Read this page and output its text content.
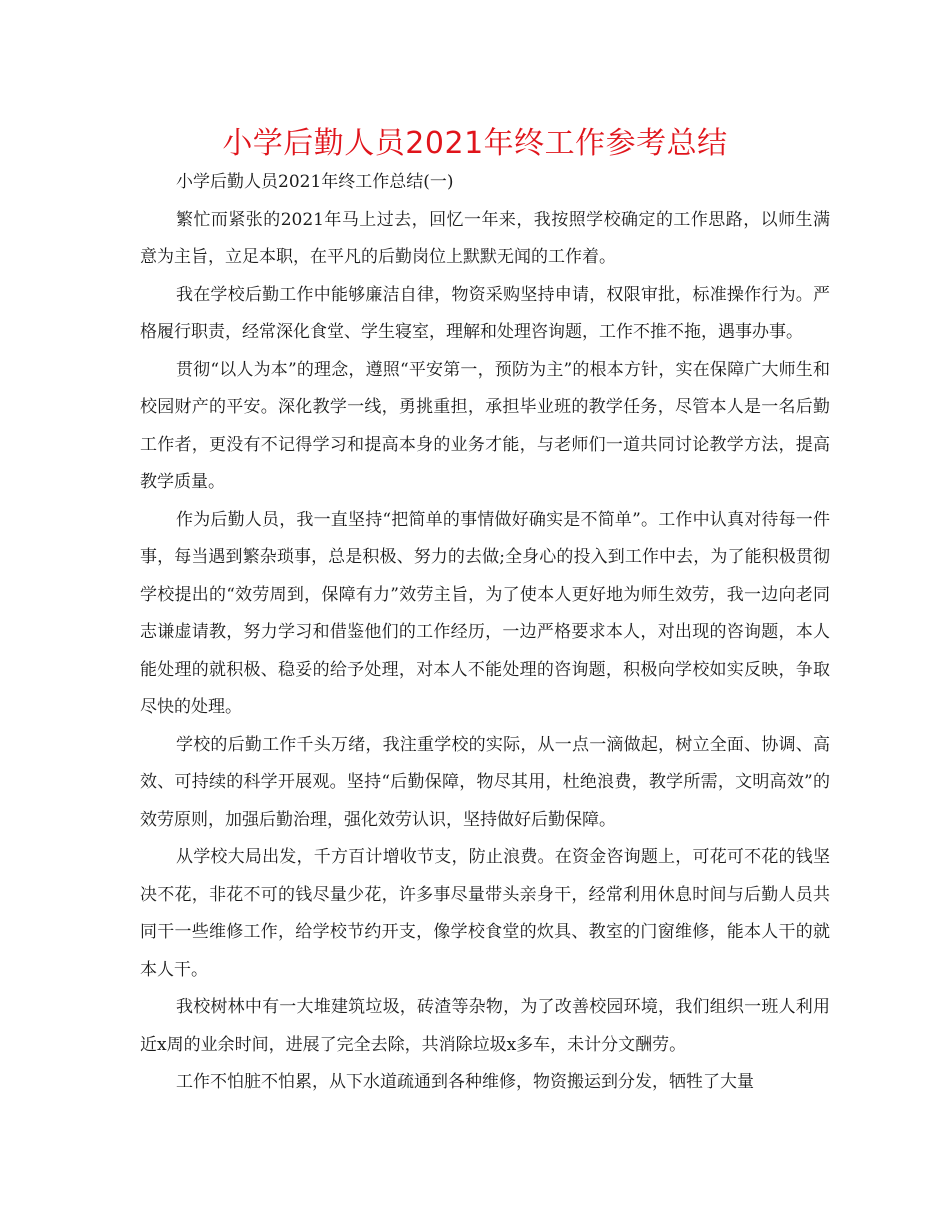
小学后勤人员2021年终工作参考总结

小学后勤人员2021年终工作总结(一)

繁忙而紧张的2021年马上过去，回忆一年来，我按照学校确定的工作思路，以师生满意为主旨，立足本职，在平凡的后勤岗位上默默无闻的工作着。

我在学校后勤工作中能够廉洁自律，物资采购坚持申请，权限审批，标准操作行为。严格履行职责，经常深化食堂、学生寝室，理解和处理咨询题，工作不推不拖，遇事办事。

贯彻“以人为本”的理念，遵照“平安第一，预防为主”的根本方针，实在保障广大师生和校园财产的平安。深化教学一线，勇挑重担，承担毕业班的教学任务，尽管本人是一名后勤工作者，更没有不记得学习和提高本身的业务才能，与老师们一道共同讨论教学方法，提高教学质量。

作为后勤人员，我一直坚持“把简单的事情做好确实是不简单”。工作中认真对待每一件事，每当遇到繁杂琐事，总是积极、努力的去做;全身心的投入到工作中去，为了能积极贯彻学校提出的“效劳周到，保障有力”效劳主旨，为了使本人更好地为师生效劳，我一边向老同志谦虚请教，努力学习和借鉴他们的工作经历，一边严格要求本人，对出现的咨询题，本人能处理的就积极、稳妥的给予处理，对本人不能处理的咨询题，积极向学校如实反映，争取尽快的处理。

学校的后勤工作千头万绪，我注重学校的实际，从一点一滴做起，树立全面、协调、高效、可持续的科学开展观。坚持“后勤保障，物尽其用，杜绝浪费，教学所需，文明高效”的效劳原则，加强后勤治理，强化效劳认识，坚持做好后勤保障。

从学校大局出发，千方百计增收节支，防止浪费。在资金咨询题上，可花可不花的钱坚决不花，非花不可的钱尽量少花，许多事尽量带头亲身干，经常利用休息时间与后勤人员共同干一些维修工作，给学校节约开支，像学校食堂的炊具、教室的门窗维修，能本人干的就本人干。

我校树林中有一大堆建筑垃圾，砖渣等杂物，为了改善校园环境，我们组织一班人利用近x周的业余时间，进展了完全去除，共消除垃圾x多车，未计分文酬劳。

工作不怕脏不怕累，从下水道疏通到各种维修，物资搬运到分发，牺牲了大量
